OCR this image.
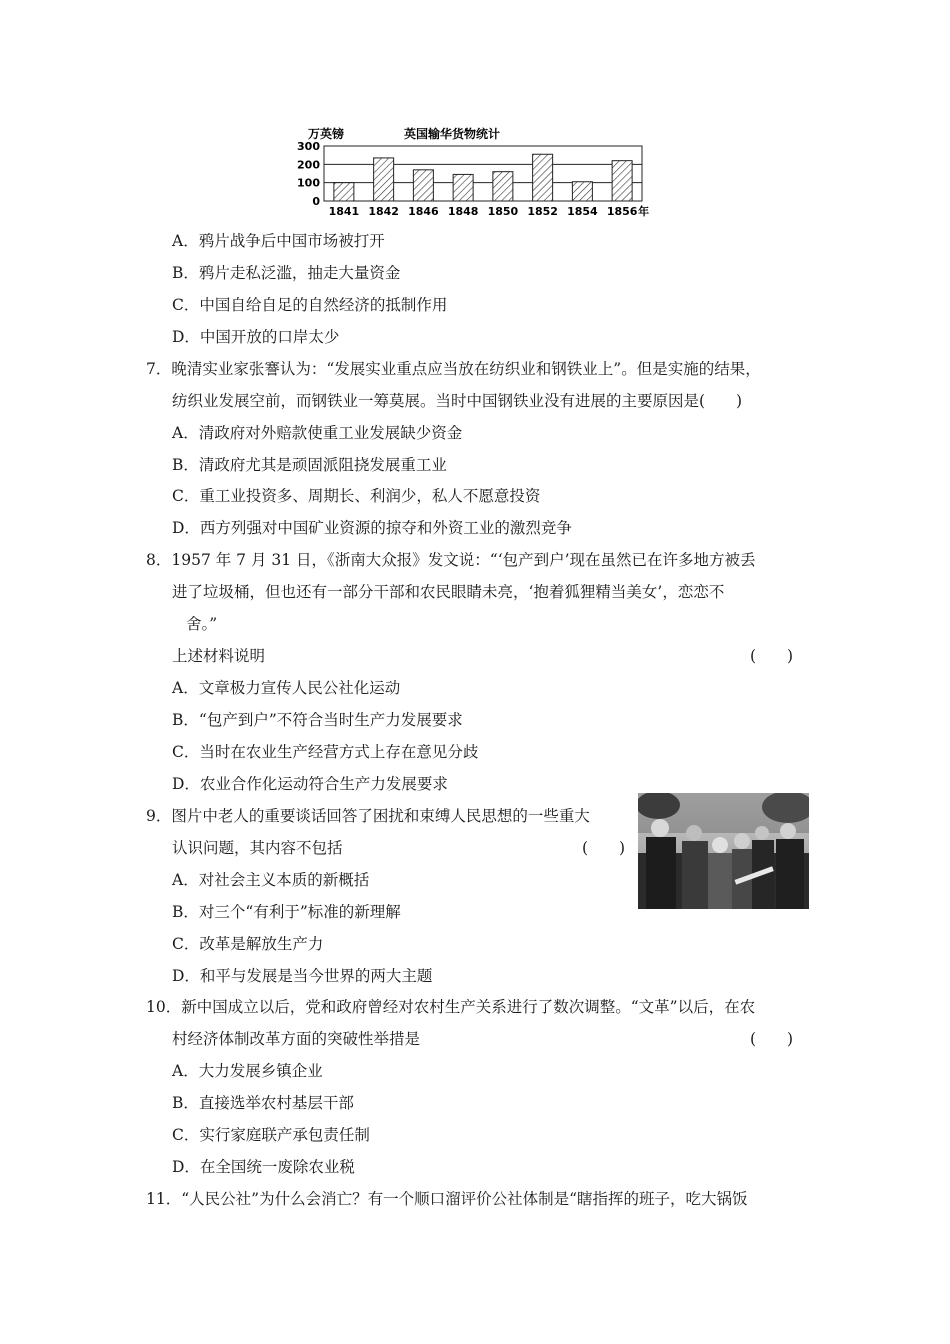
万英镑	英国输华货物统计
0
100
200
300
1841 1842 1846 1848 1850 1852 1854 1856 年
A．鸦片战争后中国市场被打开
B．鸦片走私泛滥，抽走大量资金
C．中国自给自足的自然经济的抵制作用
D．中国开放的口岸太少
7．晚清实业家张謇认为：“发展实业重点应当放在纺织业和钢铁业上”。但是实施的结果，
纺织业发展空前，而钢铁业一筹莫展。当时中国钢铁业没有进展的主要原因是(　　)
A．清政府对外赔款使重工业发展缺少资金
B．清政府尤其是顽固派阻挠发展重工业
C．重工业投资多、周期长、利润少，私人不愿意投资
D．西方列强对中国矿业资源的掠夺和外资工业的激烈竞争
8．1957 年 7 月 31 日，《浙南大众报》发文说：“‘包产到户’现在虽然已在许多地方被丢
进了垃圾桶，但也还有一部分干部和农民眼睛未亮，‘抱着狐狸精当美女’，恋恋不
舍。”
上述材料说明	(　　)
A．文章极力宣传人民公社化运动
B．“包产到户”不符合当时生产力发展要求
C．当时在农业生产经营方式上存在意见分歧
D．农业合作化运动符合生产力发展要求
9．图片中老人的重要谈话回答了困扰和束缚人民思想的一些重大
认识问题，其内容不包括	(　　)
A．对社会主义本质的新概括
B．对三个“有利于”标准的新理解
C．改革是解放生产力
D．和平与发展是当今世界的两大主题
10．新中国成立以后，党和政府曾经对农村生产关系进行了数次调整。“文革”以后，在农
村经济体制改革方面的突破性举措是	(　　)
A．大力发展乡镇企业
B．直接选举农村基层干部
C．实行家庭联产承包责任制
D．在全国统一废除农业税
11．“人民公社”为什么会消亡？有一个顺口溜评价公社体制是“瞎指挥的班子，吃大锅饭
